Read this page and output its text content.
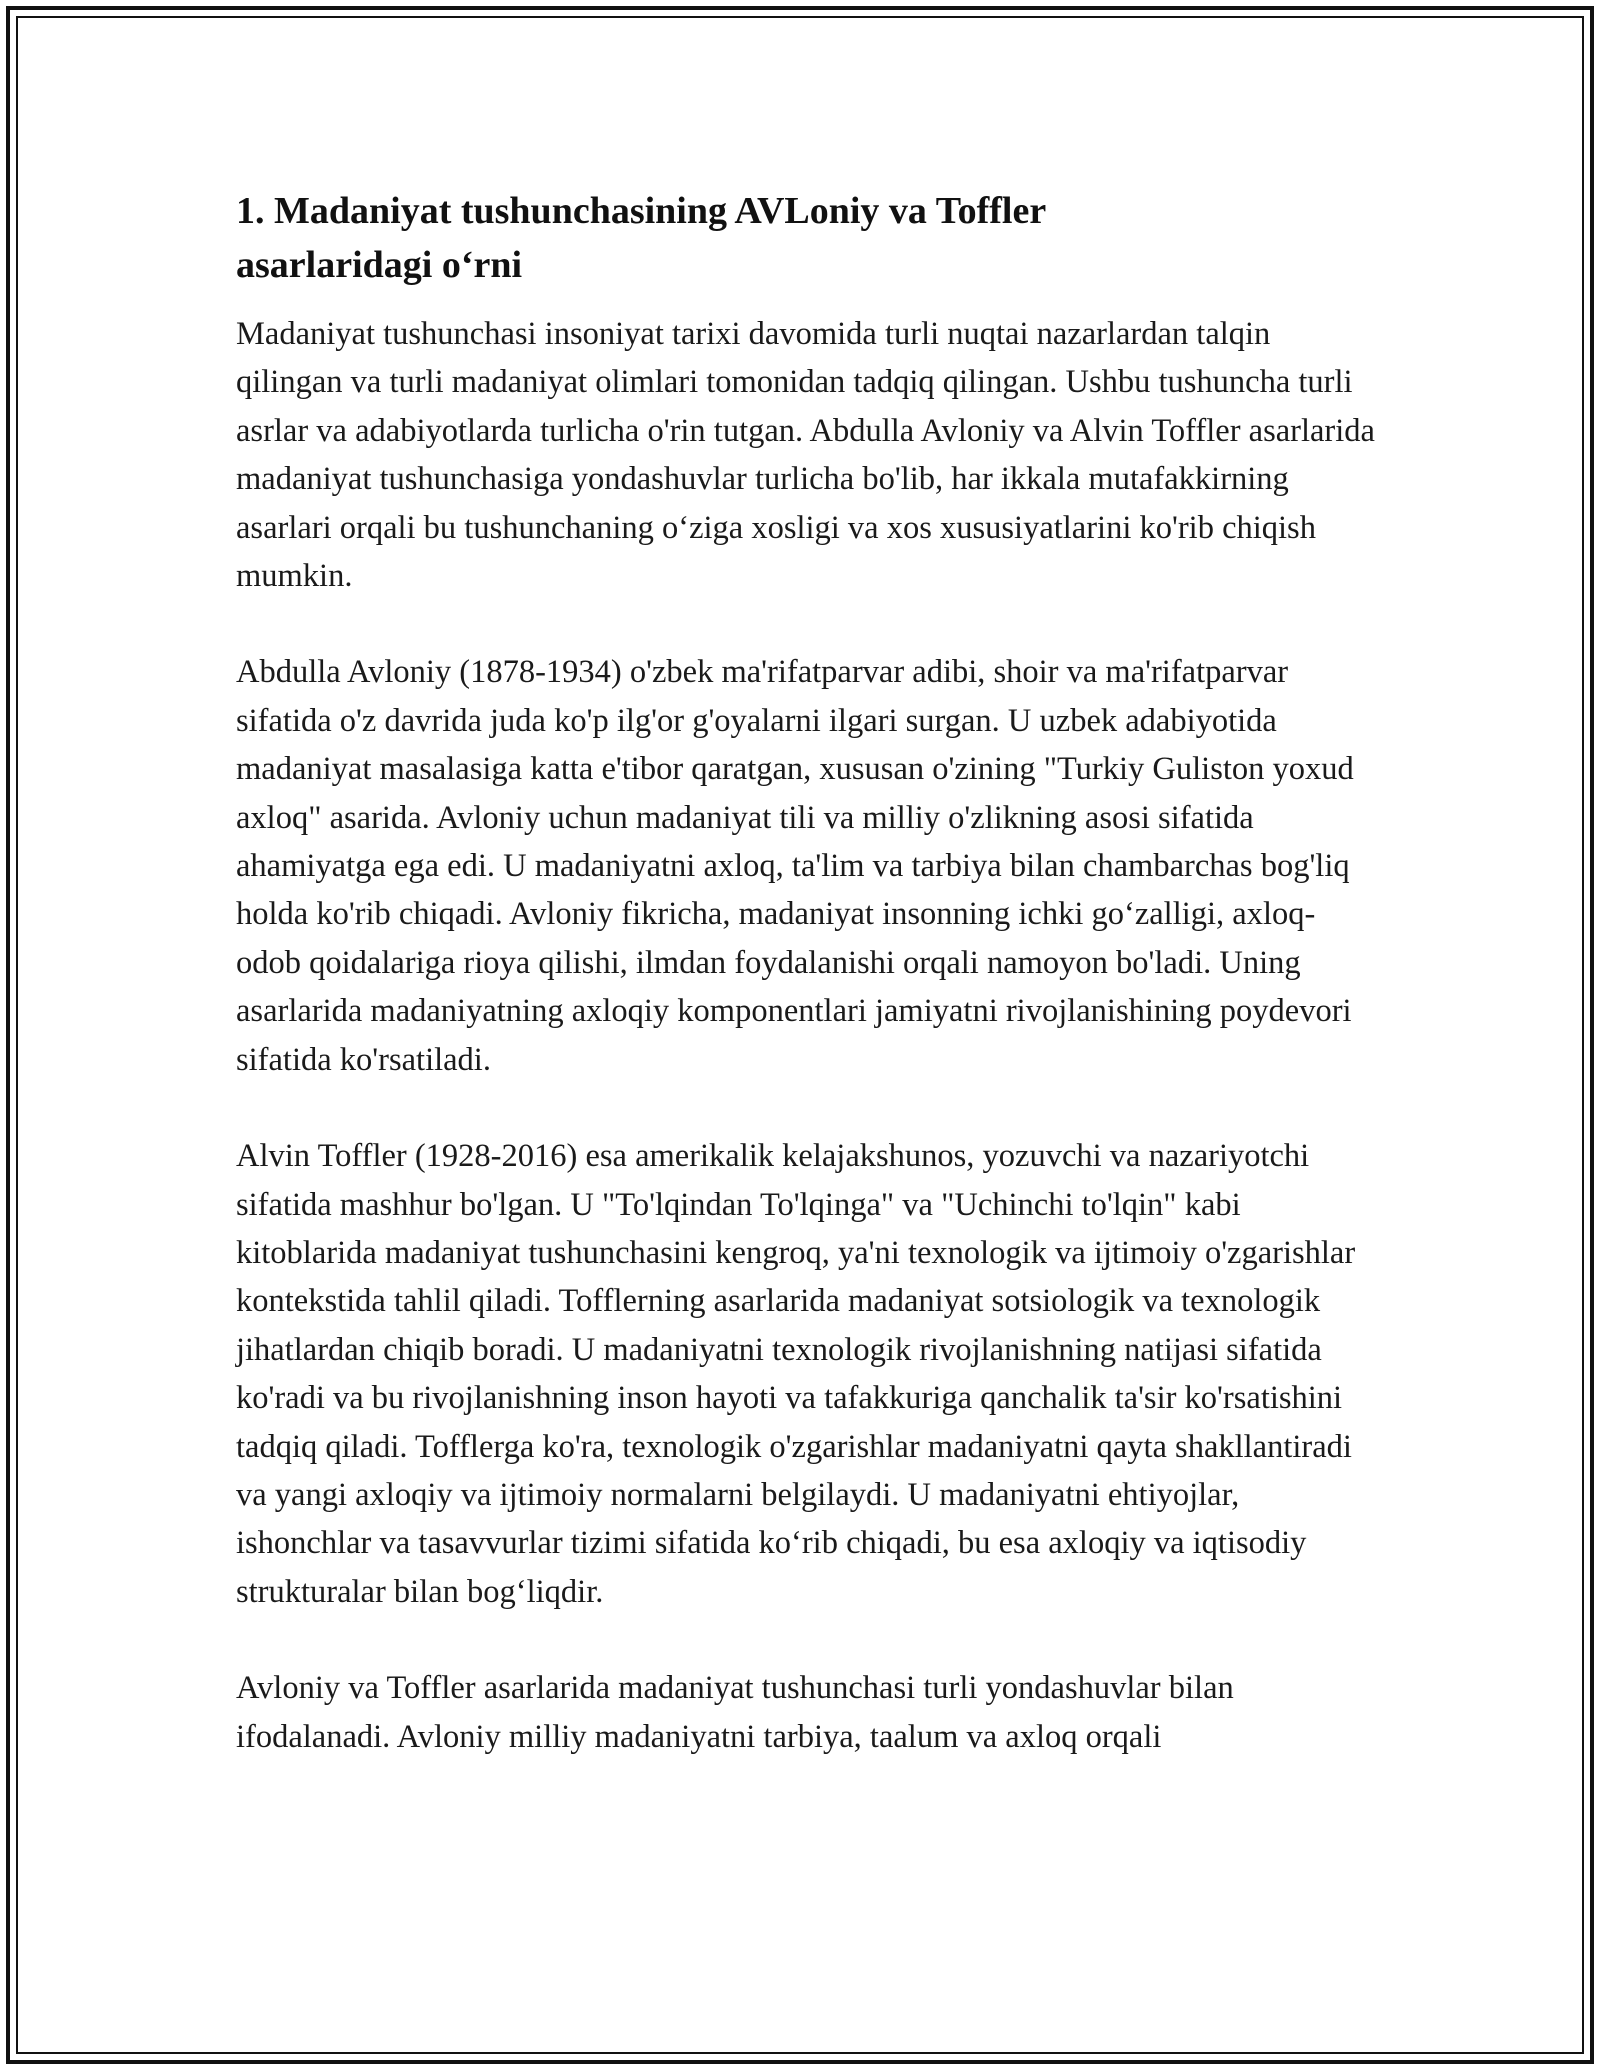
1. Madaniyat tushunchasining AVLoniy va Toffler asarlaridagi o‘rni

Madaniyat tushunchasi insoniyat tarixi davomida turli nuqtai nazarlardan talqin qilingan va turli madaniyat olimlari tomonidan tadqiq qilingan. Ushbu tushuncha turli asrlar va adabiyotlarda turlicha o'rin tutgan. Abdulla Avloniy va Alvin Toffler asarlarida madaniyat tushunchasiga yondashuvlar turlicha bo'lib, har ikkala mutafakkirning asarlari orqali bu tushunchaning o‘ziga xosligi va xos xususiyatlarini ko'rib chiqish mumkin.

Abdulla Avloniy (1878-1934) o'zbek ma'rifatparvar adibi, shoir va ma'rifatparvar sifatida o'z davrida juda ko'p ilg'or g'oyalarni ilgari surgan. U uzbek adabiyotida madaniyat masalasiga katta e'tibor qaratgan, xususan o'zining "Turkiy Guliston yoxud axloq" asarida. Avloniy uchun madaniyat tili va milliy o'zlikning asosi sifatida ahamiyatga ega edi. U madaniyatni axloq, ta'lim va tarbiya bilan chambarchas bog'liq holda ko'rib chiqadi. Avloniy fikricha, madaniyat insonning ichki go‘zalligi, axloq-odob qoidalariga rioya qilishi, ilmdan foydalanishi orqali namoyon bo'ladi. Uning asarlarida madaniyatning axloqiy komponentlari jamiyatni rivojlanishining poydevori sifatida ko'rsatiladi.

Alvin Toffler (1928-2016) esa amerikalik kelajakshunos, yozuvchi va nazariyotchi sifatida mashhur bo'lgan. U "To'lqindan To'lqinga" va "Uchinchi to'lqin" kabi kitoblarida madaniyat tushunchasini kengroq, ya'ni texnologik va ijtimoiy o'zgarishlar kontekstida tahlil qiladi. Tofflerning asarlarida madaniyat sotsiologik va texnologik jihatlardan chiqib boradi. U madaniyatni texnologik rivojlanishning natijasi sifatida ko'radi va bu rivojlanishning inson hayoti va tafakkuriga qanchalik ta'sir ko'rsatishini tadqiq qiladi. Tofflerga ko'ra, texnologik o'zgarishlar madaniyatni qayta shakllantiradi va yangi axloqiy va ijtimoiy normalarni belgilaydi. U madaniyatni ehtiyojlar, ishonchlar va tasavvurlar tizimi sifatida ko‘rib chiqadi, bu esa axloqiy va iqtisodiy strukturalar bilan bog‘liqdir.

Avloniy va Toffler asarlarida madaniyat tushunchasi turli yondashuvlar bilan ifodalanadi. Avloniy milliy madaniyatni tarbiya, taalum va axloq orqali
